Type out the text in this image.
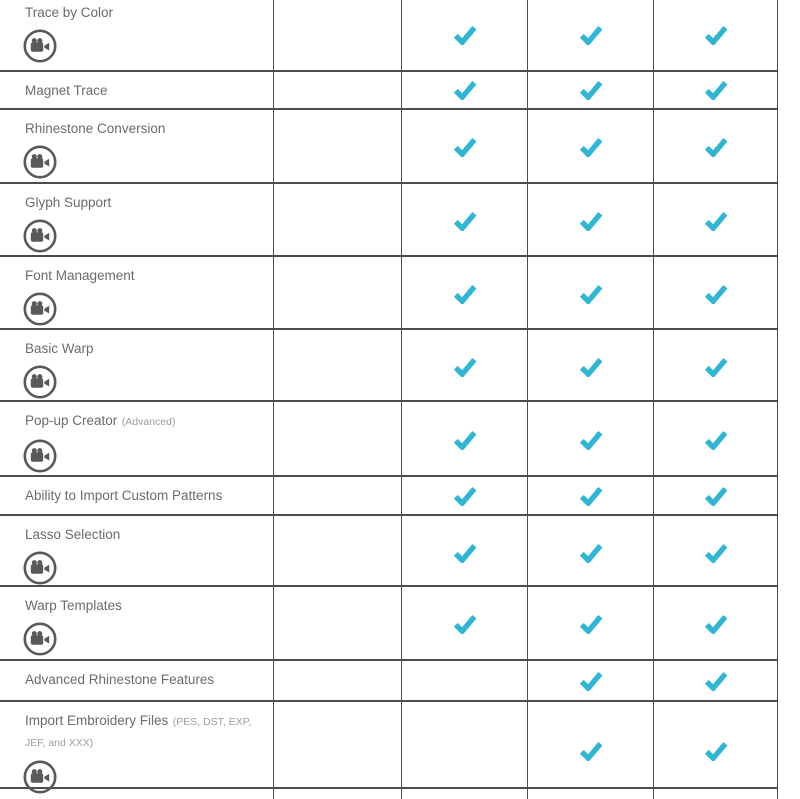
Trace by Color
Magnet Trace
Rhinestone Conversion
Glyph Support
Font Management
Basic Warp
Pop-up Creator (Advanced)
Ability to Import Custom Patterns
Lasso Selection
Warp Templates
Advanced Rhinestone Features
Import Embroidery Files (PES, DST, EXP, JEF, and XXX)
